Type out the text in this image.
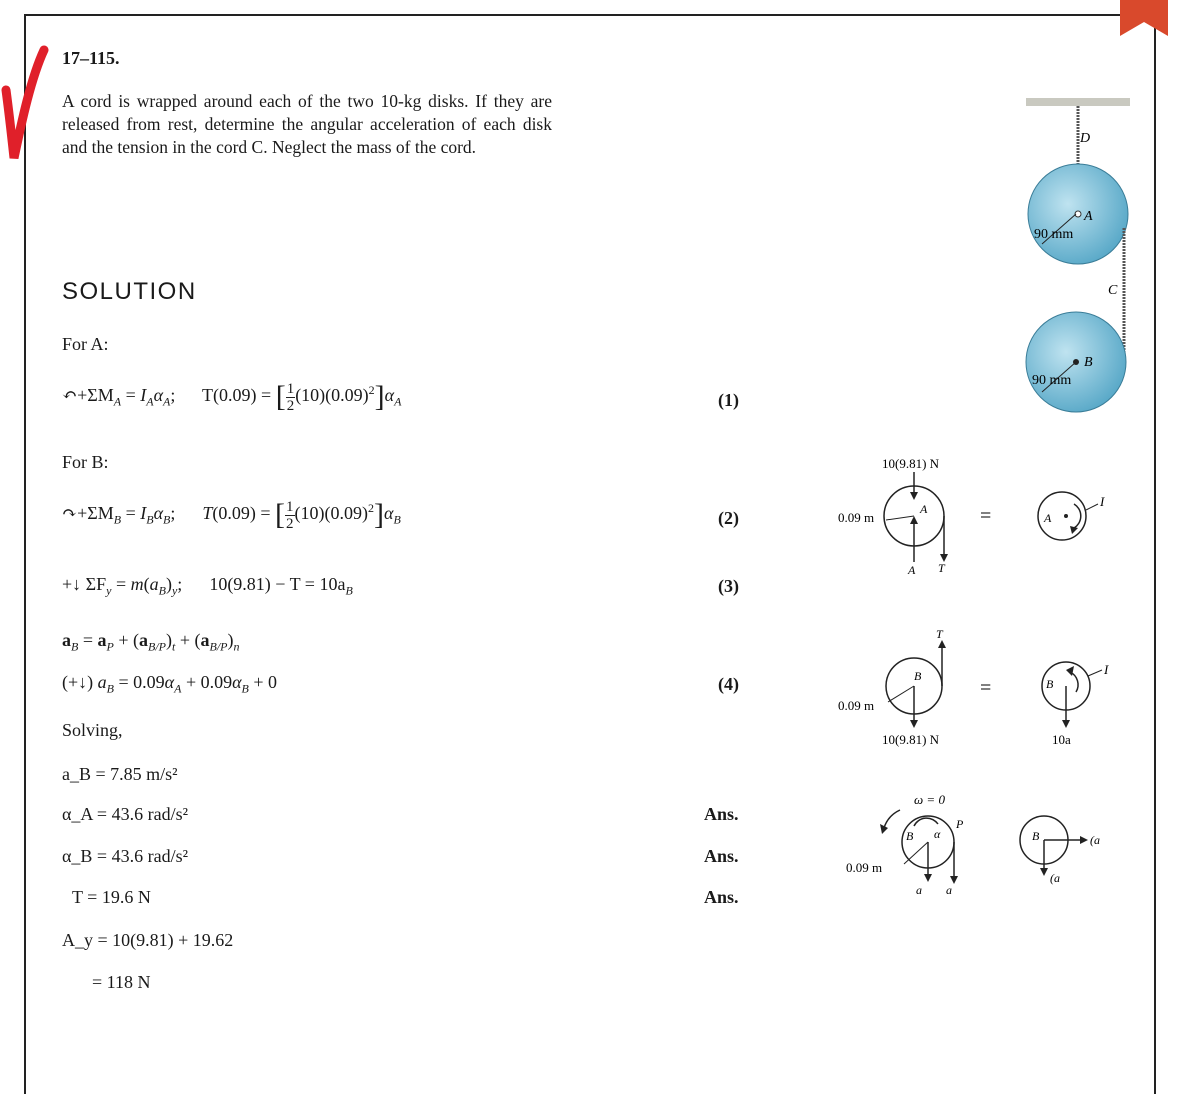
17–115.
A cord is wrapped around each of the two 10-kg disks. If they are released from rest, determine the angular acceleration of each disk and the tension in the cord C. Neglect the mass of the cord.
SOLUTION
For A:
$↶+\Sigma M_A = I_A\alpha_A$;      T(0.09) = [ $\frac{1}{2} (10)(0.09)^2]\alpha_A$	(1)
For B:
$↷+\Sigma M_B = I_B\alpha_B$;      T(0.09) = [ $\frac{1}{2} (10)(0.09)^2]\alpha_B$	(2)
+↓ $\Sigma F_y = m(a_B)_y$;      $10(9.81) - T = 10a_B$	(3)
$a_B = a_P + (a_{B/P})_t + (a_{B/P})_n$
(+↓) $a_B = 0.09\alpha_A + 0.09\alpha_B + 0$	(4)
Solving,
a_B = 7.85 m/s²
α_A = 43.6 rad/s²	Ans.
α_B = 43.6 rad/s²	Ans.
T = 19.6 N	Ans.
A_y = 10(9.81) + 19.62
= 118 N
D
A
C
B
90 mm
90 mm
10(9.81) N
0.09 m
A
A T
=	A
I
T
B
0.09 m
10(9.81) N
=	B
10a
I
ω = 0
B α
P
0.09 m
a a
B	(a
(a
